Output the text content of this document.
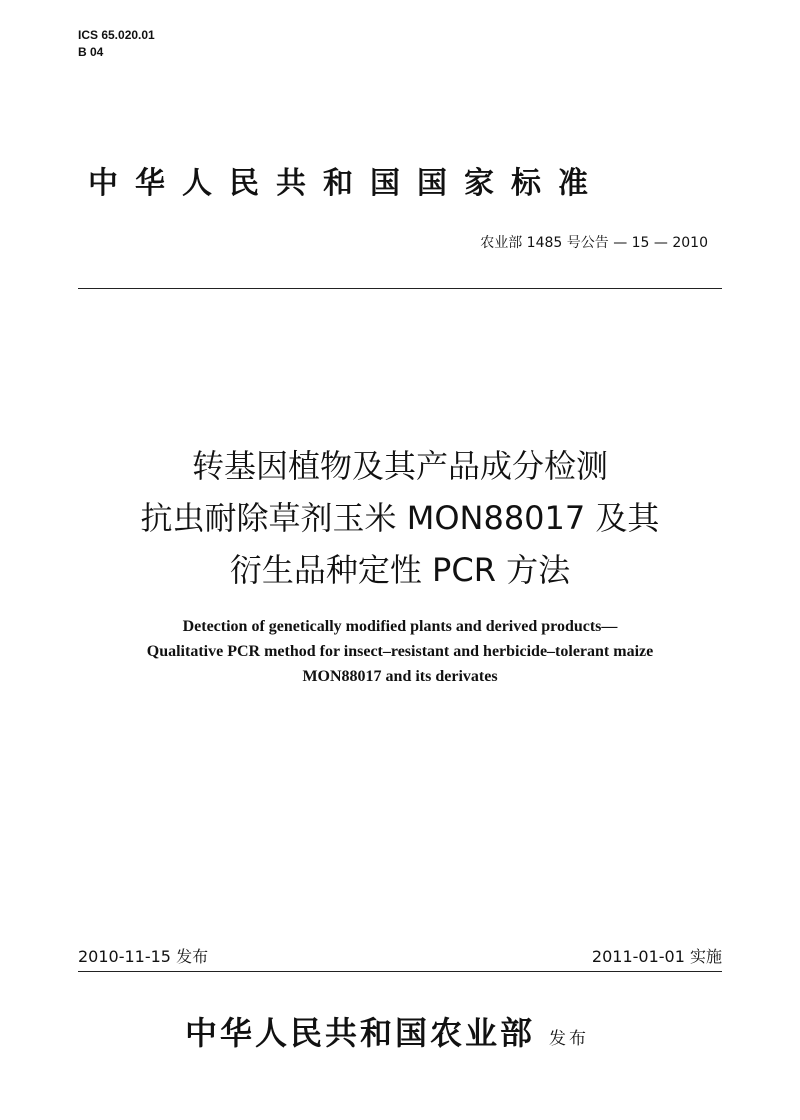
ICS 65.020.01
B 04
中华人民共和国国家标准
农业部 1485 号公告 — 15 — 2010
转基因植物及其产品成分检测
抗虫耐除草剂玉米 MON88017 及其
衍生品种定性 PCR 方法
Detection of genetically modified plants and derived products—
Qualitative PCR method for insect–resistant and herbicide–tolerant maize
MON88017 and its derivates
2010-11-15 发布	2011-01-01 实施
中华人民共和国农业部 发布
